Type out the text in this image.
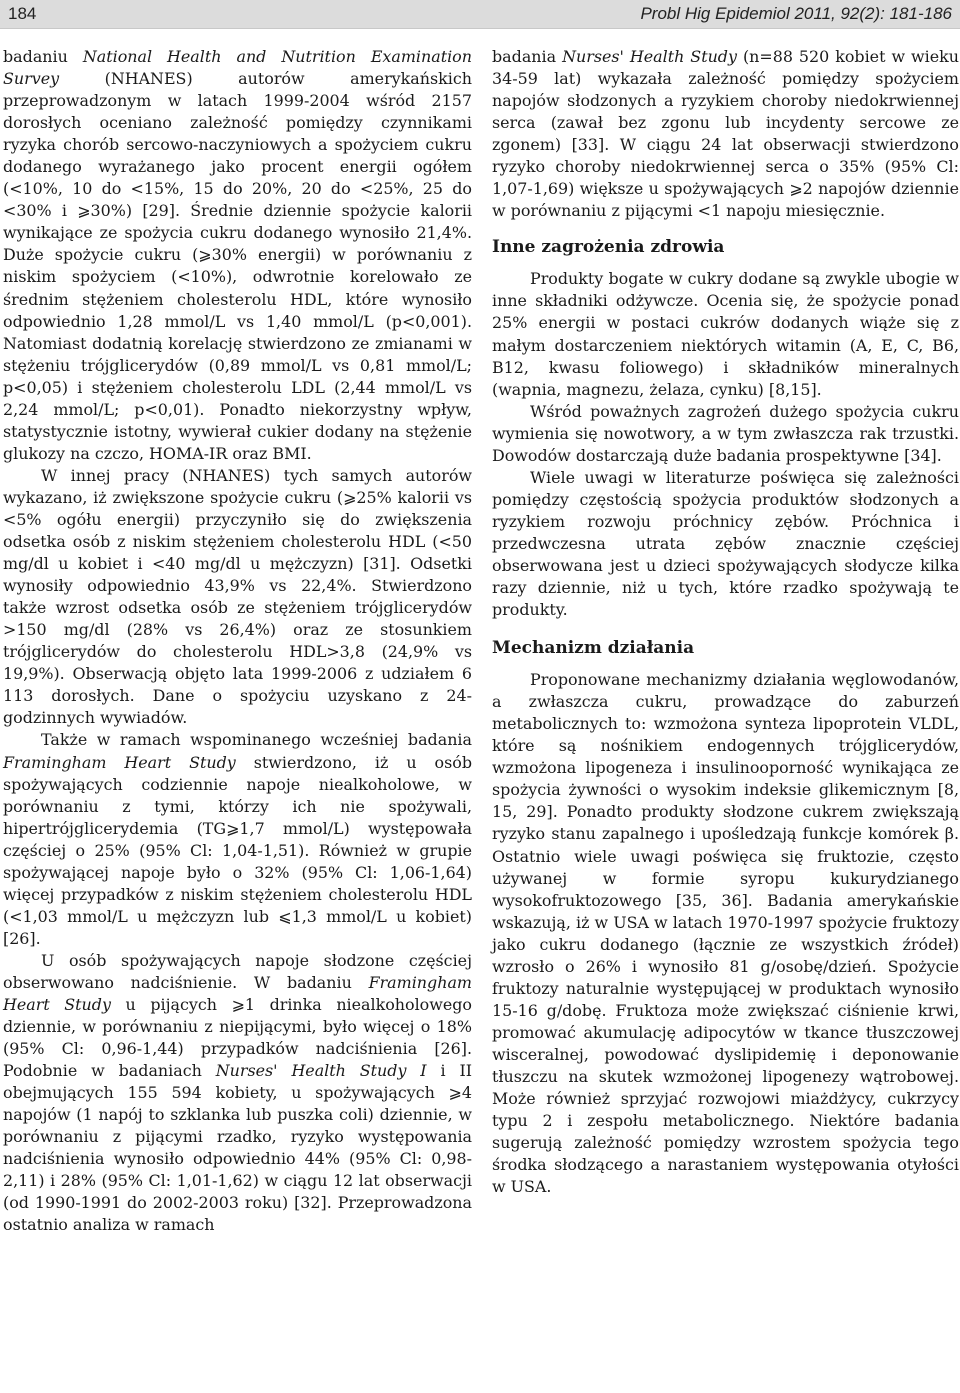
184	Probl Hig Epidemiol 2011, 92(2): 181-186

badaniu National Health and Nutrition Examination Survey (NHANES) autorów amerykańskich przeprowadzonym w latach 1999-2004 wśród 2157 dorosłych oceniano zależność pomiędzy czynnikami ryzyka chorób sercowo-naczyniowych a spożyciem cukru dodanego wyrażanego jako procent energii ogółem (<10%, 10 do <15%, 15 do 20%, 20 do <25%, 25 do <30% i ⩾30%) [29]. Średnie dziennie spożycie kalorii wynikające ze spożycia cukru dodanego wynosiło 21,4%. Duże spożycie cukru (⩾30% energii) w porównaniu z niskim spożyciem (<10%), odwrotnie korelowało ze średnim stężeniem cholesterolu HDL, które wynosiło odpowiednio 1,28 mmol/L vs 1,40 mmol/L (p<0,001). Natomiast dodatnią korelację stwierdzono ze zmianami w stężeniu trójglicerydów (0,89 mmol/L vs 0,81 mmol/L; p<0,05) i stężeniem cholesterolu LDL (2,44 mmol/L vs 2,24 mmol/L; p<0,01). Ponadto niekorzystny wpływ, statystycznie istotny, wywierał cukier dodany na stężenie glukozy na czczo, HOMA-IR oraz BMI.

W innej pracy (NHANES) tych samych autorów wykazano, iż zwiększone spożycie cukru (⩾25% kalorii vs <5% ogółu energii) przyczyniło się do zwiększenia odsetka osób z niskim stężeniem cholesterolu HDL (<50 mg/dl u kobiet i <40 mg/dl u mężczyzn) [31]. Odsetki wynosiły odpowiednio 43,9% vs 22,4%. Stwierdzono także wzrost odsetka osób ze stężeniem trójglicerydów >150 mg/dl (28% vs 26,4%) oraz ze stosunkiem trójglicerydów do cholesterolu HDL>3,8 (24,9% vs 19,9%). Obserwacją objęto lata 1999-2006 z udziałem 6 113 dorosłych. Dane o spożyciu uzyskano z 24-godzinnych wywiadów.

Także w ramach wspominanego wcześniej badania Framingham Heart Study stwierdzono, iż u osób spożywających codziennie napoje niealkoholowe, w porównaniu z tymi, którzy ich nie spożywali, hipertrójglicerydemia (TG⩾1,7 mmol/L) występowała częściej o 25% (95% Cl: 1,04-1,51). Również w grupie spożywającej napoje było o 32% (95% Cl: 1,06-1,64) więcej przypadków z niskim stężeniem cholesterolu HDL (<1,03 mmol/L u mężczyzn lub ⩽1,3 mmol/L u kobiet) [26].

U osób spożywających napoje słodzone częściej obserwowano nadciśnienie. W badaniu Framingham Heart Study u pijących ⩾1 drinka niealkoholowego dziennie, w porównaniu z niepijącymi, było więcej o 18% (95% Cl: 0,96-1,44) przypadków nadciśnienia [26]. Podobnie w badaniach Nurses' Health Study I i II obejmujących 155 594 kobiety, u spożywających ⩾4 napojów (1 napój to szklanka lub puszka coli) dziennie, w porównaniu z pijącymi rzadko, ryzyko występowania nadciśnienia wynosiło odpowiednio 44% (95% Cl: 0,98-2,11) i 28% (95% Cl: 1,01-1,62) w ciągu 12 lat obserwacji (od 1990-1991 do 2002-2003 roku) [32]. Przeprowadzona ostatnio analiza w ramach

badania Nurses' Health Study (n=88 520 kobiet w wieku 34-59 lat) wykazała zależność pomiędzy spożyciem napojów słodzonych a ryzykiem choroby niedokrwiennej serca (zawał bez zgonu lub incydenty sercowe ze zgonem) [33]. W ciągu 24 lat obserwacji stwierdzono ryzyko choroby niedokrwiennej serca o 35% (95% Cl: 1,07-1,69) większe u spożywających ⩾2 napojów dziennie w porównaniu z pijącymi <1 napoju miesięcznie.

Inne zagrożenia zdrowia

Produkty bogate w cukry dodane są zwykle ubogie w inne składniki odżywcze. Ocenia się, że spożycie ponad 25% energii w postaci cukrów dodanych wiąże się z małym dostarczeniem niektórych witamin (A, E, C, B6, B12, kwasu foliowego) i składników mineralnych (wapnia, magnezu, żelaza, cynku) [8,15].

Wśród poważnych zagrożeń dużego spożycia cukru wymienia się nowotwory, a w tym zwłaszcza rak trzustki. Dowodów dostarczają duże badania prospektywne [34].

Wiele uwagi w literaturze poświęca się zależności pomiędzy częstością spożycia produktów słodzonych a ryzykiem rozwoju próchnicy zębów. Próchnica i przedwczesna utrata zębów znacznie częściej obserwowana jest u dzieci spożywających słodycze kilka razy dziennie, niż u tych, które rzadko spożywają te produkty.

Mechanizm działania

Proponowane mechanizmy działania węglowodanów, a zwłaszcza cukru, prowadzące do zaburzeń metabolicznych to: wzmożona synteza lipoprotein VLDL, które są nośnikiem endogennych trójglicerydów, wzmożona lipogeneza i insulinooporność wynikająca ze spożycia żywności o wysokim indeksie glikemicznym [8, 15, 29]. Ponadto produkty słodzone cukrem zwiększają ryzyko stanu zapalnego i upośledzają funkcje komórek β. Ostatnio wiele uwagi poświęca się fruktozie, często używanej w formie syropu kukurydzianego wysokofruktozowego [35, 36]. Badania amerykańskie wskazują, iż w USA w latach 1970-1997 spożycie fruktozy jako cukru dodanego (łącznie ze wszystkich źródeł) wzrosło o 26% i wynosiło 81 g/osobę/dzień. Spożycie fruktozy naturalnie występującej w produktach wynosiło 15-16 g/dobę. Fruktoza może zwiększać ciśnienie krwi, promować akumulację adipocytów w tkance tłuszczowej wisceralnej, powodować dyslipidemię i deponowanie tłuszczu na skutek wzmożonej lipogenezy wątrobowej. Może również sprzyjać rozwojowi miażdżycy, cukrzycy typu 2 i zespołu metabolicznego. Niektóre badania sugerują zależność pomiędzy wzrostem spożycia tego środka słodzącego a narastaniem występowania otyłości w USA.
